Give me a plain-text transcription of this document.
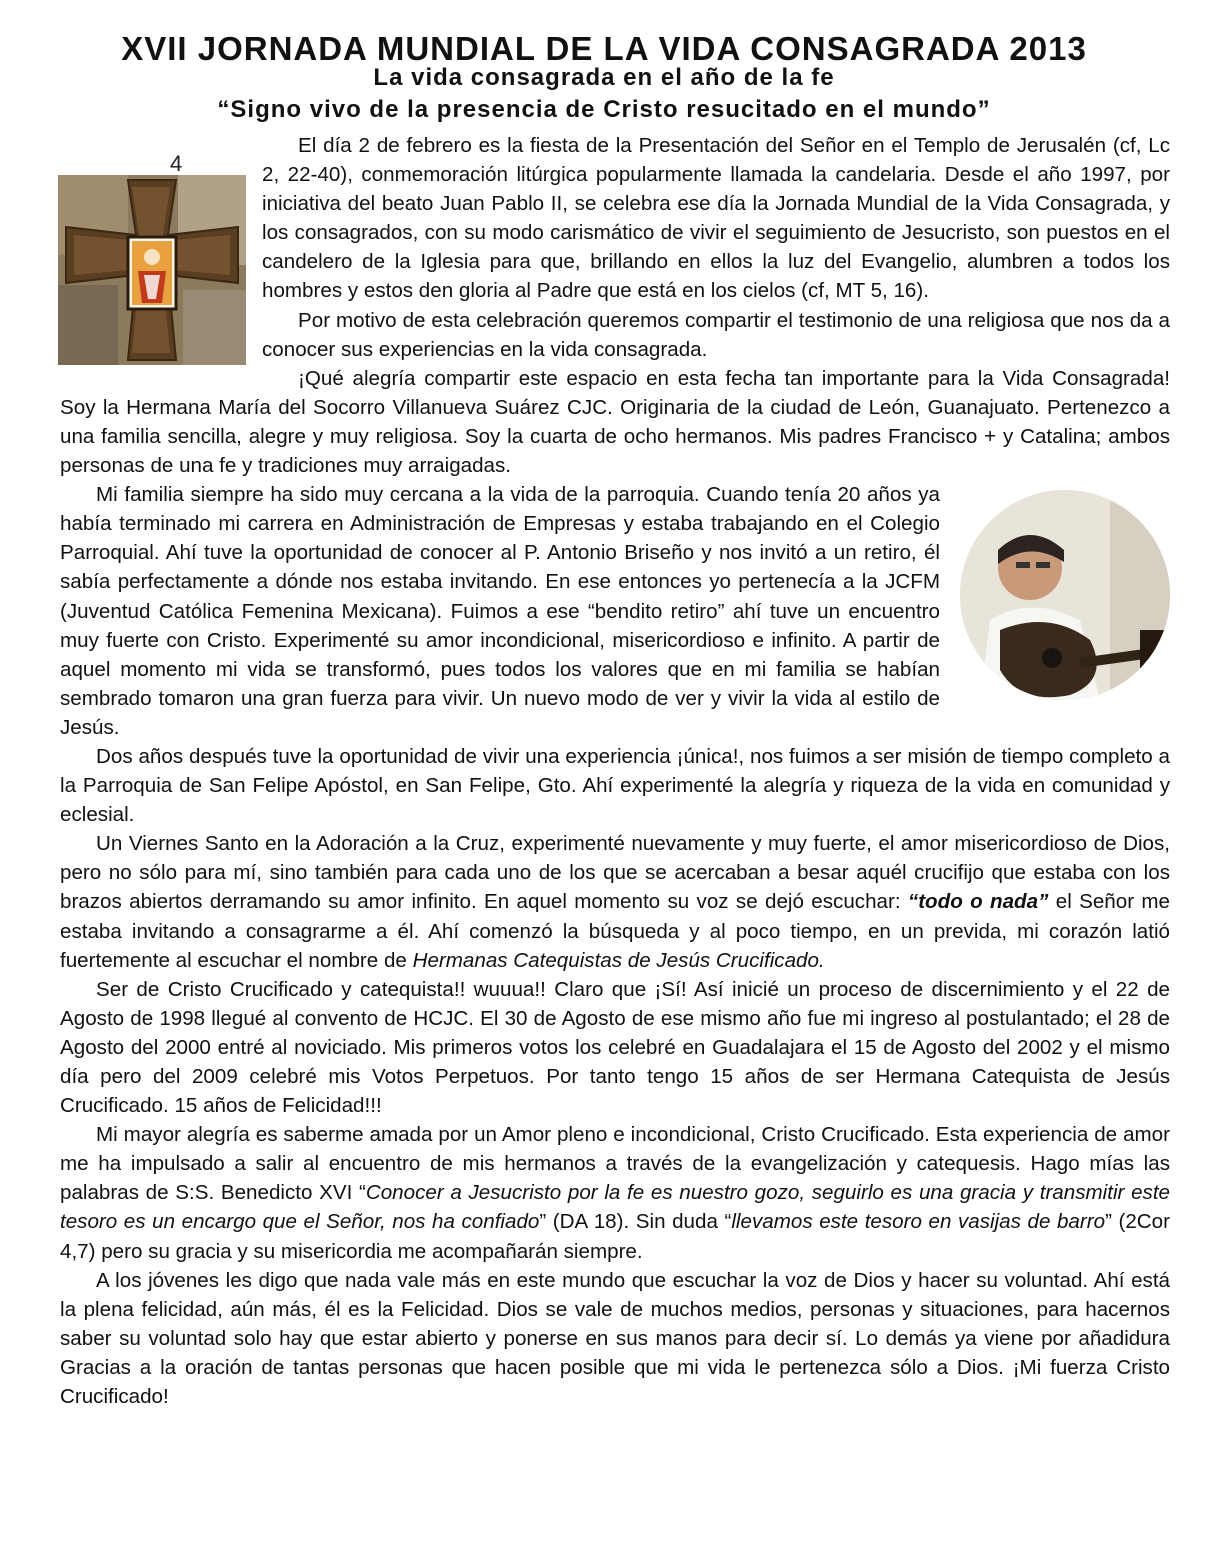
XVII JORNADA MUNDIAL DE LA VIDA CONSAGRADA 2013
La vida consagrada en el año de la fe
“Signo vivo de la presencia de Cristo resucitado en el mundo”
4

El día 2 de febrero es la fiesta de la Presentación del Señor en el Templo de Jerusalén (cf, Lc 2, 22-40), conmemoración litúrgica popularmente llamada la candelaria. Desde el año 1997, por iniciativa del beato Juan Pablo II, se celebra ese día la Jornada Mundial de la Vida Consagrada, y los consagrados, con su modo carismático de vivir el seguimiento de Jesucristo, son puestos en el candelero de la Iglesia para que, brillando en ellos la luz del Evangelio, alumbren a todos los hombres y estos den gloria al Padre que está en los cielos (cf, MT 5, 16).

Por motivo de esta celebración queremos compartir el testimonio de una religiosa que nos da a conocer sus experiencias en la vida consagrada.

¡Qué alegría compartir este espacio en esta fecha tan importante para la Vida Consagrada! Soy la Hermana María del Socorro Villanueva Suárez CJC. Originaria de la ciudad de León, Guanajuato. Pertenezco a una familia sencilla, alegre y muy religiosa. Soy la cuarta de ocho hermanos. Mis padres Francisco + y Catalina; ambos personas de una fe y tradiciones muy arraigadas.

Mi familia siempre ha sido muy cercana a la vida de la parroquia. Cuando tenía 20 años ya había terminado mi carrera en Administración de Empresas y estaba trabajando en el Colegio Parroquial. Ahí tuve la oportunidad de conocer al P. Antonio Briseño y nos invitó a un retiro, él sabía perfectamente a dónde nos estaba invitando. En ese entonces yo pertenecía a la JCFM (Juventud Católica Femenina Mexicana). Fuimos a ese “bendito retiro” ahí tuve un encuentro muy fuerte con Cristo. Experimenté su amor incondicional, misericordioso e infinito. A partir de aquel momento mi vida se transformó, pues todos los valores que en mi familia se habían sembrado tomaron una gran fuerza para vivir. Un nuevo modo de ver y vivir la vida al estilo de Jesús.

Dos años después tuve la oportunidad de vivir una experiencia ¡única!, nos fuimos a ser misión de tiempo completo a la Parroquia de San Felipe Apóstol, en San Felipe, Gto. Ahí experimenté la alegría y riqueza de la vida en comunidad y eclesial.

Un Viernes Santo en la Adoración a la Cruz, experimenté nuevamente y muy fuerte, el amor misericordioso de Dios, pero no sólo para mí, sino también para cada uno de los que se acercaban a besar aquél crucifijo que estaba con los brazos abiertos derramando su amor infinito. En aquel momento su voz se dejó escuchar: “todo o nada” el Señor me estaba invitando a consagrarme a él. Ahí comenzó la búsqueda y al poco tiempo, en un previda, mi corazón latió fuertemente al escuchar el nombre de Hermanas Catequistas de Jesús Crucificado.

Ser de Cristo Crucificado y catequista!! wuuua!! Claro que ¡Sí! Así inicié un proceso de discernimiento y el 22 de Agosto de 1998 llegué al convento de HCJC. El 30 de Agosto de ese mismo año fue mi ingreso al postulantado; el 28 de Agosto del 2000 entré al noviciado. Mis primeros votos los celebré en Guadalajara el 15 de Agosto del 2002 y el mismo día pero del 2009 celebré mis Votos Perpetuos. Por tanto tengo 15 años de ser Hermana Catequista de Jesús Crucificado. 15 años de Felicidad!!!

Mi mayor alegría es saberme amada por un Amor pleno e incondicional, Cristo Crucificado. Esta experiencia de amor me ha impulsado a salir al encuentro de mis hermanos a través de la evangelización y catequesis. Hago mías las palabras de S:S. Benedicto XVI “Conocer a Jesucristo por la fe es nuestro gozo, seguirlo es una gracia y transmitir este tesoro es un encargo que el Señor, nos ha confiado” (DA 18). Sin duda “llevamos este tesoro en vasijas de barro” (2Cor 4,7) pero su gracia y su misericordia me acompañarán siempre.

A los jóvenes les digo que nada vale más en este mundo que escuchar la voz de Dios y hacer su voluntad. Ahí está la plena felicidad, aún más, él es la Felicidad. Dios se vale de muchos medios, personas y situaciones, para hacernos saber su voluntad solo hay que estar abierto y ponerse en sus manos para decir sí. Lo demás ya viene por añadidura Gracias a la oración de tantas personas que hacen posible que mi vida le pertenezca sólo a Dios. ¡Mi fuerza Cristo Crucificado!
